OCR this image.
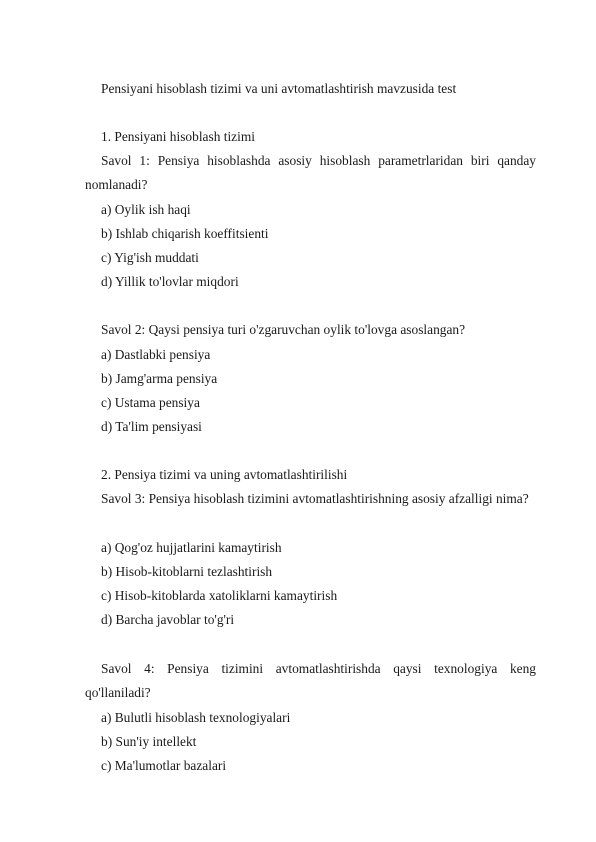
Pensiyani hisoblash tizimi va uni avtomatlashtirish mavzusida test
1. Pensiyani hisoblash tizimi
Savol 1: Pensiya hisoblashda asosiy hisoblash parametrlaridan biri qanday nomlanadi?
a) Oylik ish haqi
b) Ishlab chiqarish koeffitsienti
c) Yig'ish muddati
d) Yillik to'lovlar miqdori
Savol 2: Qaysi pensiya turi o'zgaruvchan oylik to'lovga asoslangan?
a) Dastlabki pensiya
b) Jamg'arma pensiya
c) Ustama pensiya
d) Ta'lim pensiyasi
2. Pensiya tizimi va uning avtomatlashtirilishi
Savol 3: Pensiya hisoblash tizimini avtomatlashtirishning asosiy afzalligi nima?
a) Qog'oz hujjatlarini kamaytirish
b) Hisob-kitoblarni tezlashtirish
c) Hisob-kitoblarda xatoliklarni kamaytirish
d) Barcha javoblar to'g'ri
Savol 4: Pensiya tizimini avtomatlashtirishda qaysi texnologiya keng qo'llaniladi?
a) Bulutli hisoblash texnologiyalari
b) Sun'iy intellekt
c) Ma'lumotlar bazalari
